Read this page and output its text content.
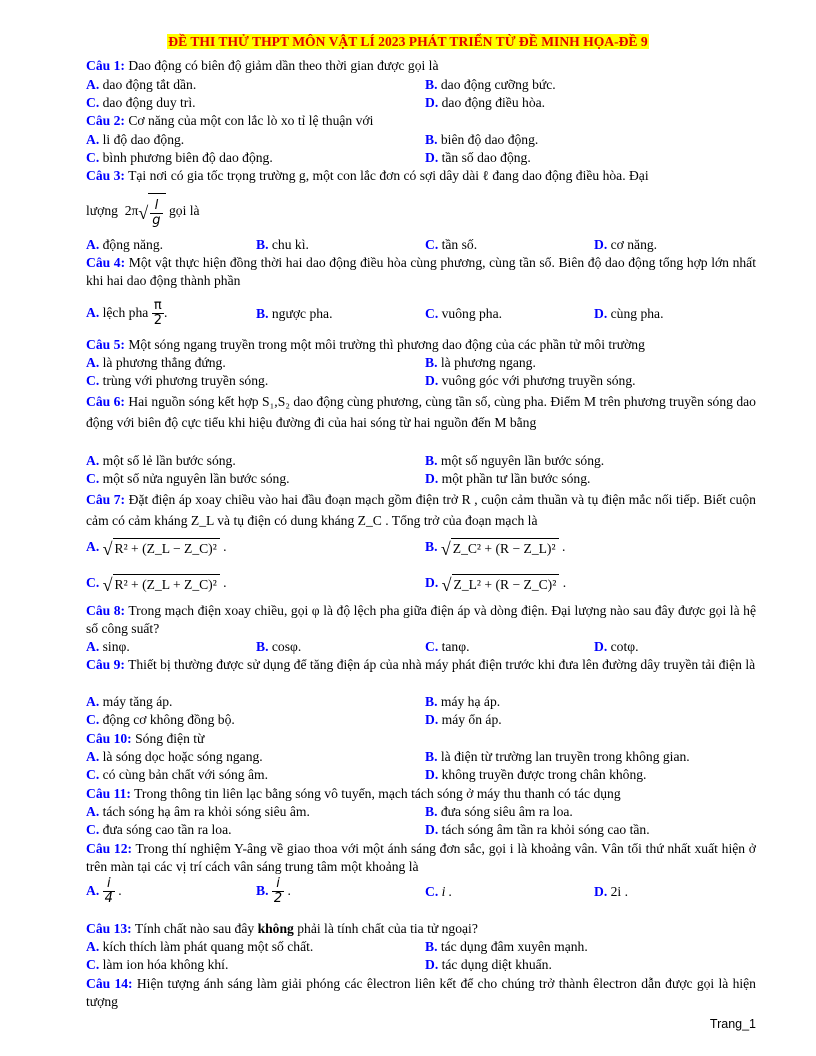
ĐỀ THI THỬ THPT MÔN VẬT LÍ 2023 PHÁT TRIỂN TỪ ĐỀ MINH HỌA-ĐỀ 9
Câu 1: Dao động có biên độ giảm dần theo thời gian được gọi là
A. dao động tắt dần.	B. dao động cưỡng bức.
C. dao động duy trì.	D. dao động điều hòa.
Câu 2: Cơ năng của một con lắc lò xo tỉ lệ thuận với
A. li độ dao động.	B. biên độ dao động.
C. bình phương biên độ dao động.	D. tần số dao động.
Câu 3: Tại nơi có gia tốc trọng trường g, một con lắc đơn có sợi dây dài ℓ đang dao động điều hòa. Đại
lượng  $2\pi√ \frac{l}{g}$ gọi là
A. động năng.	B. chu kì.	C. tần số.	D. cơ năng.
Câu 4: Một vật thực hiện đồng thời hai dao động điều hòa cùng phương, cùng tần số. Biên độ dao động tổng hợp lớn nhất khi hai dao động thành phần
A. lệch pha $\frac{\pi}{2}$ .	B. ngược pha.	C. vuông pha.	D. cùng pha.
Câu 5: Một sóng ngang truyền trong một môi trường thì phương dao động của các phần tử môi trường
A. là phương thẳng đứng.	B. là phương ngang.
C. trùng với phương truyền sóng.	D. vuông góc với phương truyền sóng.
Câu 6: Hai nguồn sóng kết hợp S₁,S₂ dao động cùng phương, cùng tần số, cùng pha. Điểm M trên phương truyền sóng dao động với biên độ cực tiểu khi hiệu đường đi của hai sóng từ hai nguồn đến M bằng
A. một số lẻ lần bước sóng.	B. một số nguyên lần bước sóng.
C. một số nửa nguyên lần bước sóng.	D. một phần tư lần bước sóng.
Câu 7: Đặt điện áp xoay chiều vào hai đầu đoạn mạch gồm điện trở R , cuộn cảm thuần và tụ điện mắc nối tiếp. Biết cuộn cảm có cảm kháng Z_L và tụ điện có dung kháng Z_C . Tổng trở của đoạn mạch là
A. √ R² + (Z_L − Z_C)² .	B. √ Z_C² + (R − Z_L)² .
C. √ R² + (Z_L + Z_C)² .	D. √ Z_L² + (R − Z_C)² .
Câu 8: Trong mạch điện xoay chiều, gọi φ là độ lệch pha giữa điện áp và dòng điện. Đại lượng nào sau đây được gọi là hệ số công suất?
A. sinφ.	B. cosφ.	C. tanφ.	D. cotφ.
Câu 9: Thiết bị thường được sử dụng để tăng điện áp của nhà máy phát điện trước khi đưa lên đường dây truyền tải điện là
A. máy tăng áp.	B. máy hạ áp.
C. động cơ không đồng bộ.	D. máy ổn áp.
Câu 10: Sóng điện từ
A. là sóng dọc hoặc sóng ngang.	B. là điện từ trường lan truyền trong không gian.
C. có cùng bản chất với sóng âm.	D. không truyền được trong chân không.
Câu 11: Trong thông tin liên lạc bằng sóng vô tuyến, mạch tách sóng ở máy thu thanh có tác dụng
A. tách sóng hạ âm ra khỏi sóng siêu âm.	B. đưa sóng siêu âm ra loa.
C. đưa sóng cao tần ra loa.	D. tách sóng âm tần ra khỏi sóng cao tần.
Câu 12: Trong thí nghiệm Y-âng về giao thoa với một ánh sáng đơn sắc, gọi i là khoảng vân. Vân tối thứ nhất xuất hiện ở trên màn tại các vị trí cách vân sáng trung tâm một khoảng là
A. $\frac{i}{4}$ .	B. $\frac{i}{2}$ .	C. i .	D. 2i .
Câu 13: Tính chất nào sau đây không phải là tính chất của tia tử ngoại?
A. kích thích làm phát quang một số chất.	B. tác dụng đâm xuyên mạnh.
C. làm ion hóa không khí.	D. tác dụng diệt khuẩn.
Câu 14: Hiện tượng ánh sáng làm giải phóng các êlectron liên kết để cho chúng trở thành êlectron dẫn được gọi là hiện tượng
Trang_1
